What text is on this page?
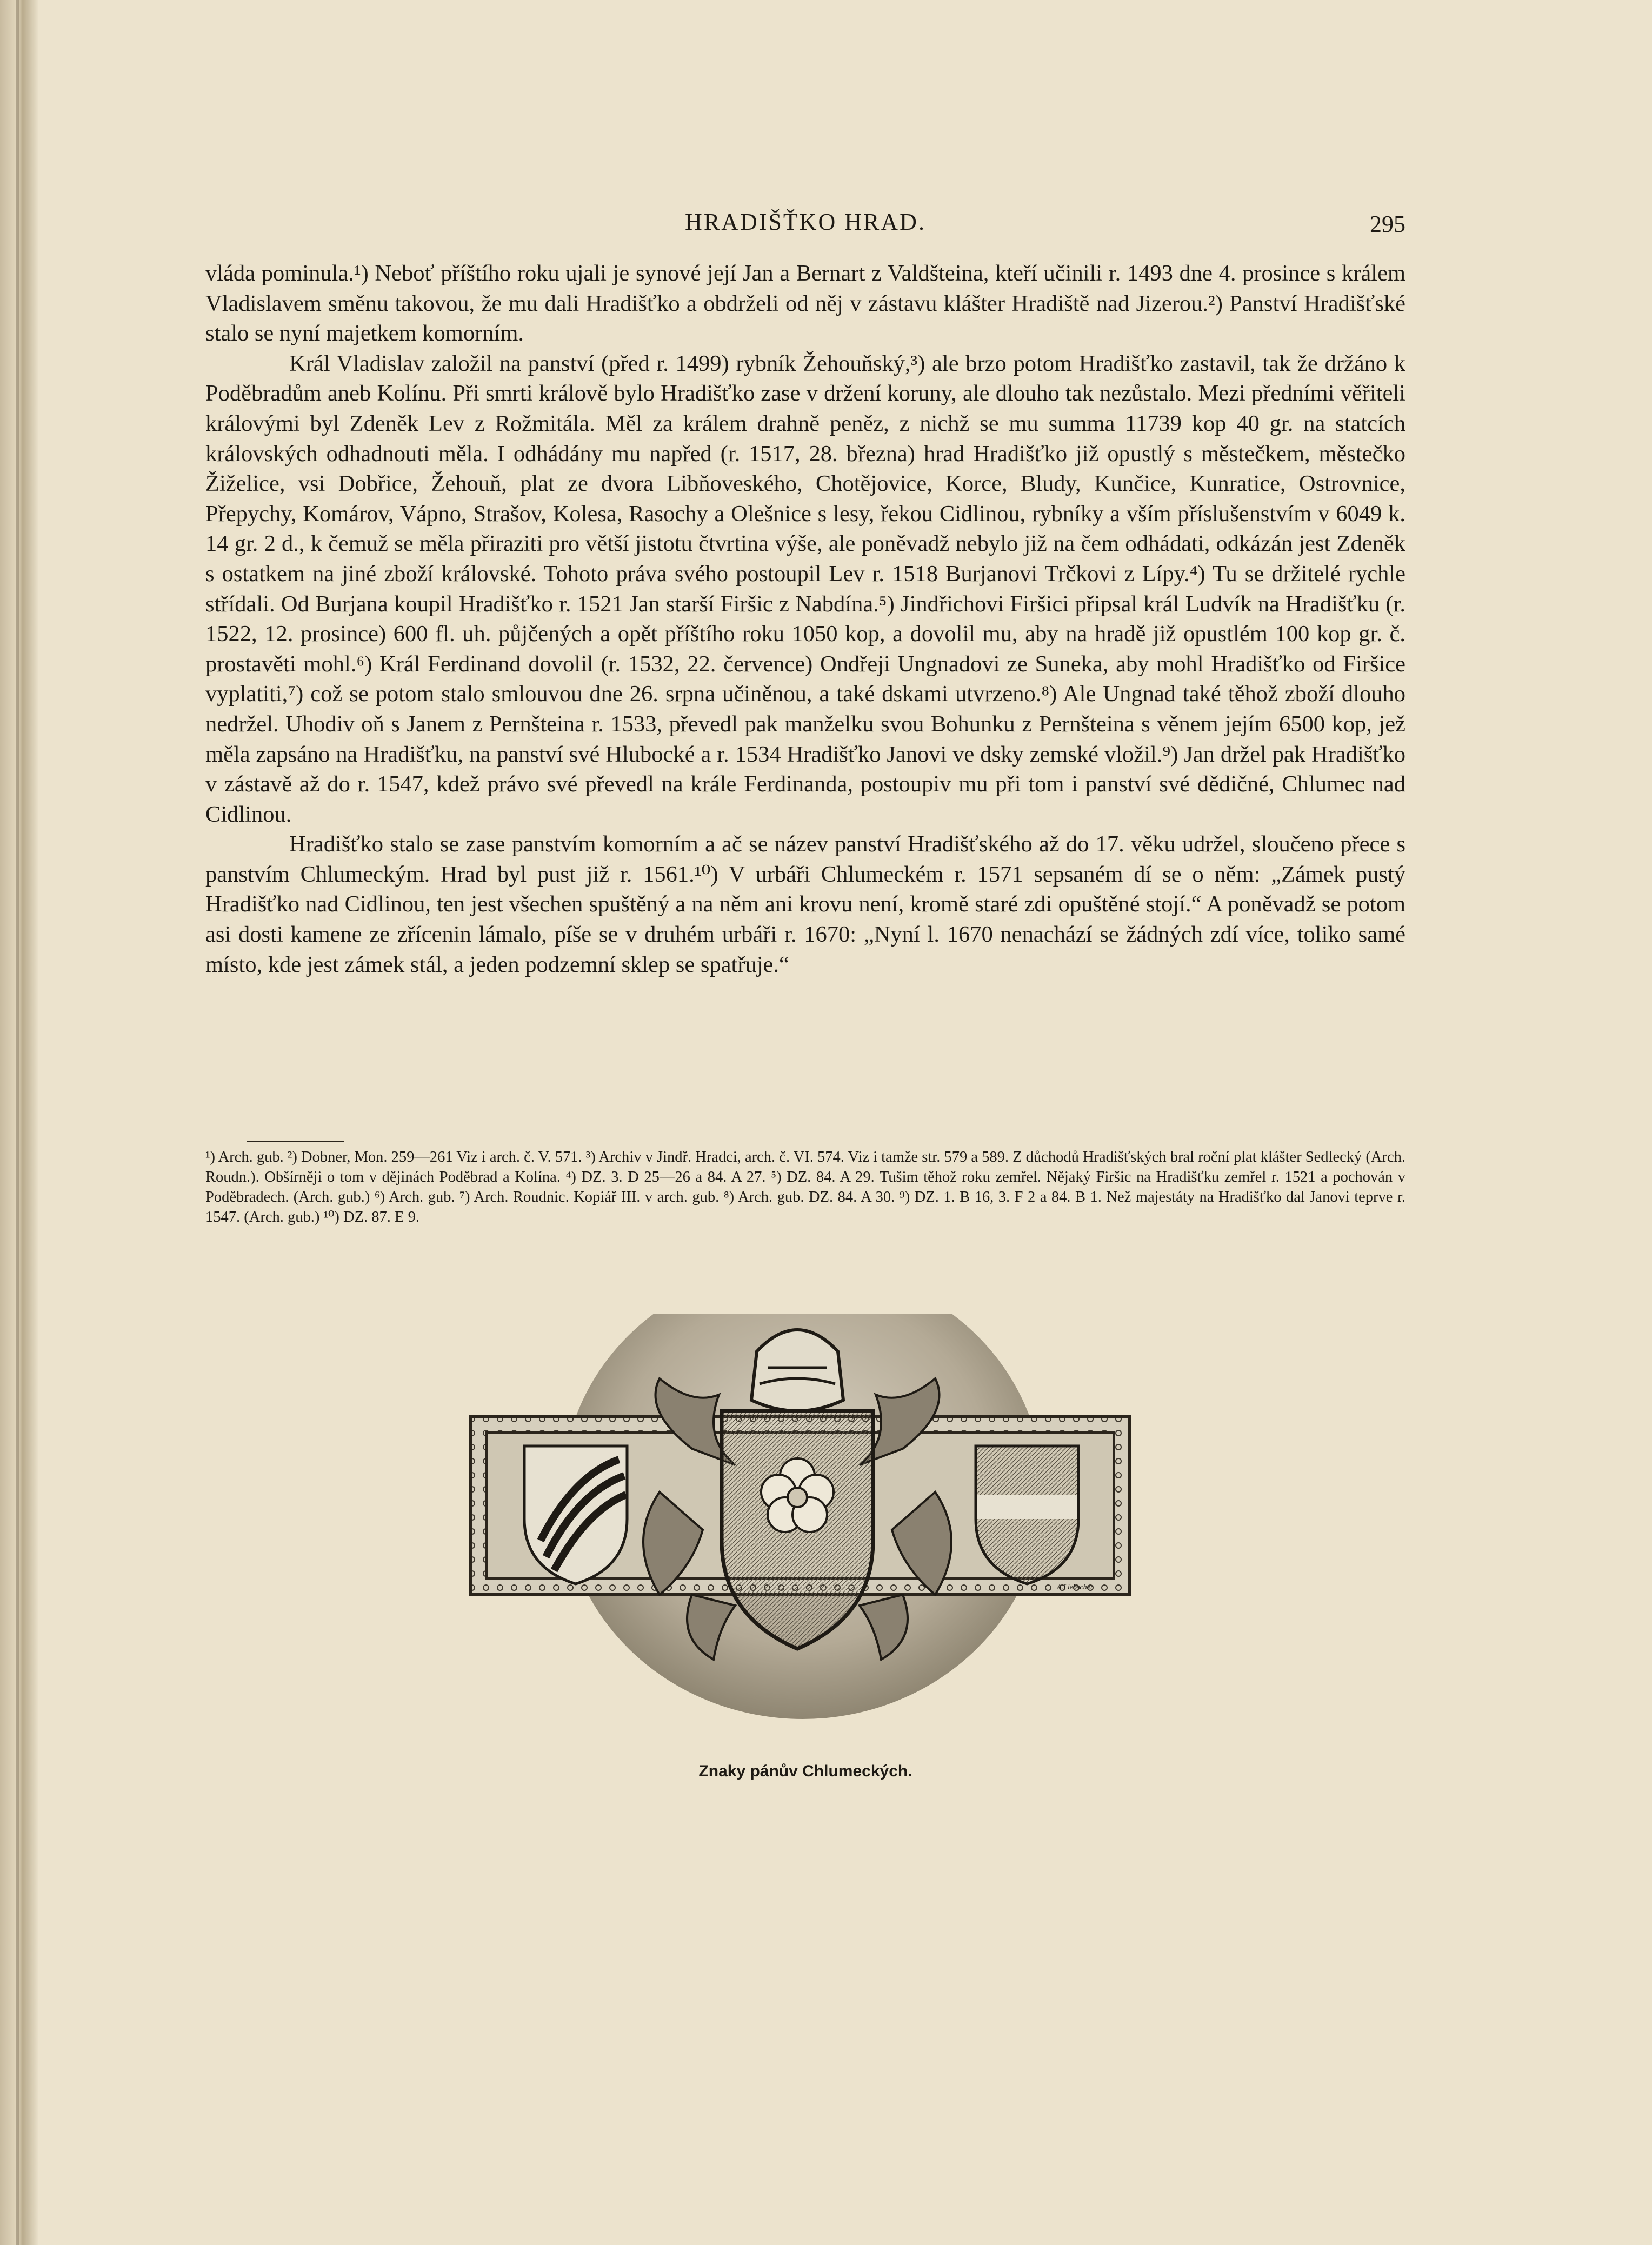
HRADIŠŤKO HRAD.	295

vláda pominula.¹) Neboť příštího roku ujali je synové její Jan a Bernart z Valdšteina, kteří učinili r. 1493 dne 4. prosince s králem Vladislavem směnu takovou, že mu dali Hradišťko a obdrželi od něj v zástavu klášter Hradiště nad Jizerou.²) Panství Hradišťské stalo se nyní majetkem komorním.

Král Vladislav založil na panství (před r. 1499) rybník Žehouňský,³) ale brzo potom Hradišťko zastavil, tak že držáno k Poděbradům aneb Kolínu. Při smrti králově bylo Hradišťko zase v držení koruny, ale dlouho tak nezůstalo. Mezi předními věřiteli královými byl Zdeněk Lev z Rožmitála. Měl za králem drahně peněz, z nichž se mu summa 11739 kop 40 gr. na statcích královských odhadnouti měla. I odhádány mu napřed (r. 1517, 28. března) hrad Hradišťko již opustlý s městečkem, městečko Žiželice, vsi Dobřice, Žehouň, plat ze dvora Libňoveského, Chotějovice, Korce, Bludy, Kunčice, Kunratice, Ostrovnice, Přepychy, Komárov, Vápno, Strašov, Kolesa, Rasochy a Olešnice s lesy, řekou Cidlinou, rybníky a vším příslušenstvím v 6049 k. 14 gr. 2 d., k čemuž se měla přiraziti pro větší jistotu čtvrtina výše, ale poněvadž nebylo již na čem odhádati, odkázán jest Zdeněk s ostatkem na jiné zboží královské. Tohoto práva svého postoupil Lev r. 1518 Burjanovi Trčkovi z Lípy.⁴) Tu se držitelé rychle střídali. Od Burjana koupil Hradišťko r. 1521 Jan starší Firšic z Nabdína.⁵) Jindřichovi Firšici připsal král Ludvík na Hradišťku (r. 1522, 12. prosince) 600 fl. uh. půjčených a opět příštího roku 1050 kop, a dovolil mu, aby na hradě již opustlém 100 kop gr. č. prostavěti mohl.⁶) Král Ferdinand dovolil (r. 1532, 22. července) Ondřeji Ungnadovi ze Suneka, aby mohl Hradišťko od Firšice vyplatiti,⁷) což se potom stalo smlouvou dne 26. srpna učiněnou, a také dskami utvrzeno.⁸) Ale Ungnad také těhož zboží dlouho nedržel. Uhodiv oň s Janem z Pernšteina r. 1533, převedl pak manželku svou Bohunku z Pernšteina s věnem jejím 6500 kop, jež měla zapsáno na Hradišťku, na panství své Hlubocké a r. 1534 Hradišťko Janovi ve dsky zemské vložil.⁹) Jan držel pak Hradišťko v zástavě až do r. 1547, kdež právo své převedl na krále Ferdinanda, postoupiv mu při tom i panství své dědičné, Chlumec nad Cidlinou.

Hradišťko stalo se zase panstvím komorním a ač se název panství Hradišťského až do 17. věku udržel, sloučeno přece s panstvím Chlumeckým. Hrad byl pust již r. 1561.¹⁰) V urbáři Chlumeckém r. 1571 sepsaném dí se o něm: „Zámek pustý Hradišťko nad Cidlinou, ten jest všechen spuštěný a na něm ani krovu není, kromě staré zdi opuštěné stojí.“ A poněvadž se potom asi dosti kamene ze zřícenin lámalo, píše se v druhém urbáři r. 1670: „Nyní l. 1670 nenachází se žádných zdí více, toliko samé místo, kde jest zámek stál, a jeden podzemní sklep se spatřuje.“

¹) Arch. gub. ²) Dobner, Mon. 259—261 Viz i arch. č. V. 571. ³) Archiv v Jindř. Hradci, arch. č. VI. 574. Viz i tamže str. 579 a 589. Z důchodů Hradišťských bral roční plat klášter Sedlecký (Arch. Roudn.). Obšírněji o tom v dějinách Poděbrad a Kolína. ⁴) DZ. 3. D 25—26 a 84. A 27. ⁵) DZ. 84. A 29. Tušim těhož roku zemřel. Nějaký Firšic na Hradišťku zemřel r. 1521 a pochován v Poděbradech. (Arch. gub.) ⁶) Arch. gub. ⁷) Arch. Roudnic. Kopiář III. v arch. gub. ⁸) Arch. gub. DZ. 84. A 30. ⁹) DZ. 1. B 16, 3. F 2 a 84. B 1. Než majestáty na Hradišťko dal Janovi teprve r. 1547. (Arch. gub.) ¹⁰) DZ. 87. E 9.

A.Liebscher
Znaky pánův Chlumeckých.
